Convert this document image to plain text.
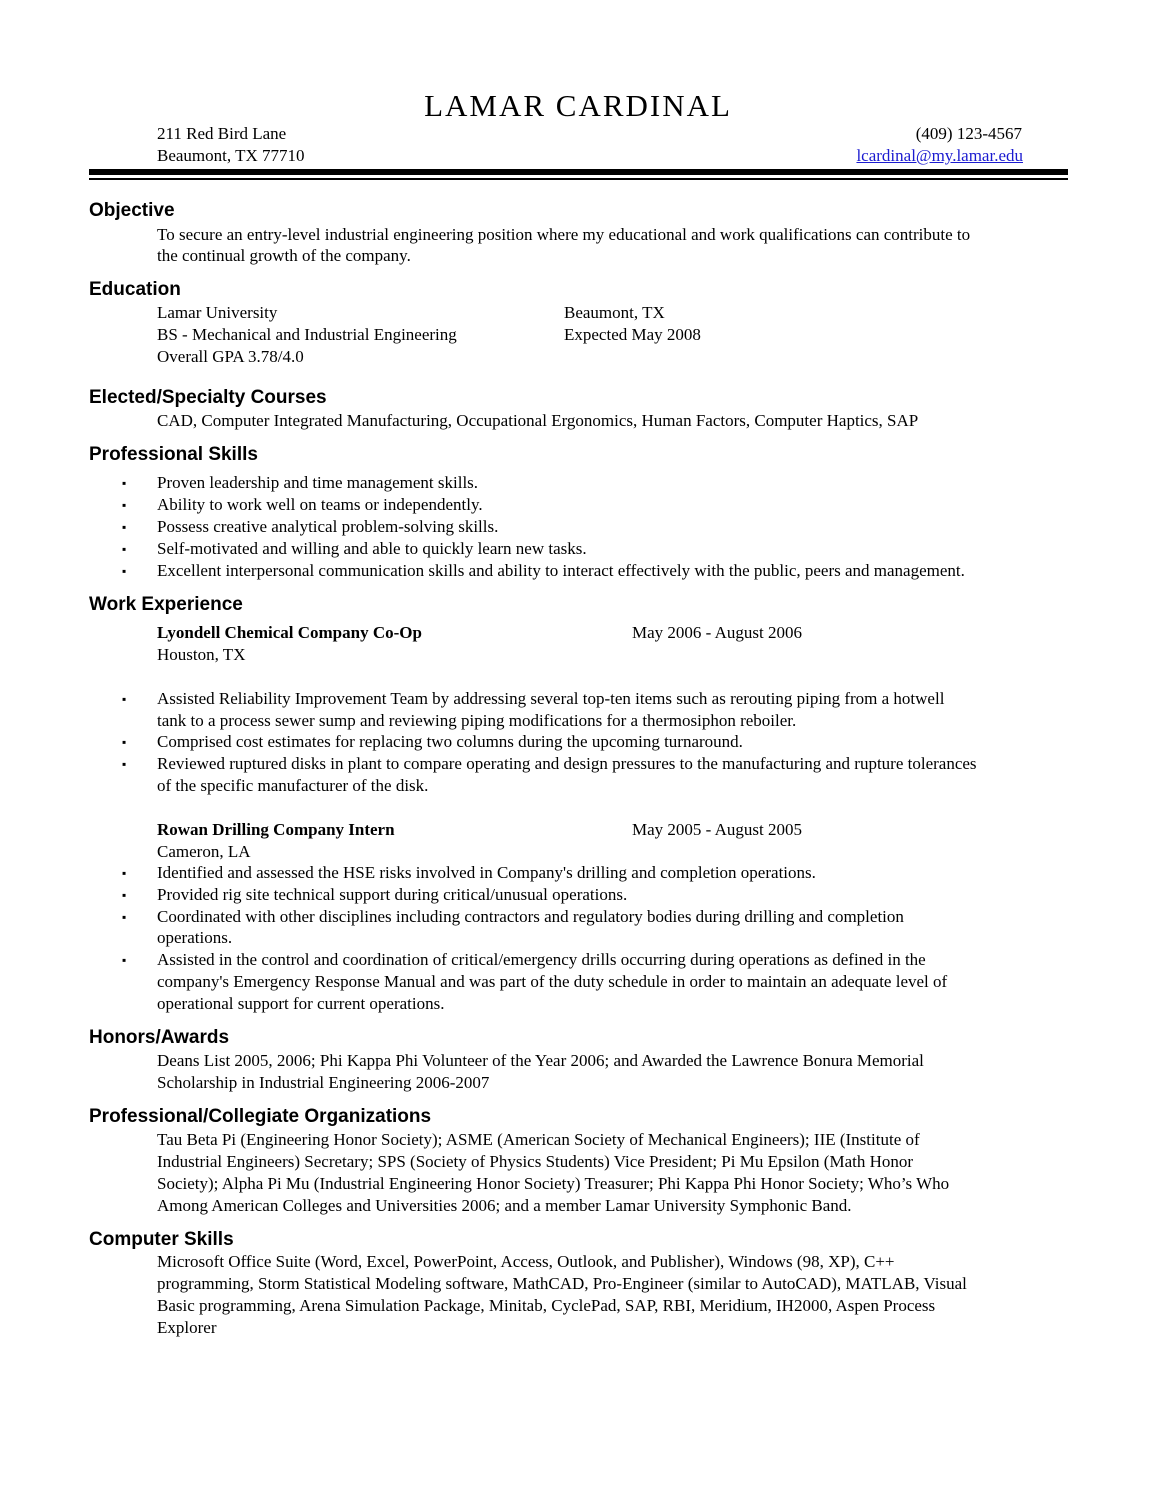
LAMAR CARDINAL
211 Red Bird Lane
Beaumont, TX 77710
(409) 123-4567
lcardinal@my.lamar.edu
Objective
To secure an entry-level industrial engineering position where my educational and work qualifications can contribute to
the continual growth of the company.
Education
Lamar University	Beaumont, TX
BS - Mechanical and Industrial Engineering	Expected May 2008
Overall GPA 3.78/4.0
Elected/Specialty Courses
CAD, Computer Integrated Manufacturing, Occupational Ergonomics, Human Factors, Computer Haptics, SAP
Professional Skills
Work Experience
Lyondell Chemical Company Co-Op	May 2006 - August 2006
Houston, TX
Rowan Drilling Company Intern	May 2005 - August 2005
Cameron, LA
Honors/Awards
Professional/Collegiate Organizations
Computer Skills
Proven leadership and time management skills.
▪
Ability to work well on teams or independently.
▪
Possess creative analytical problem-solving skills.
▪
Self-motivated and willing and able to quickly learn new tasks.
▪
Excellent interpersonal communication skills and ability to interact effectively with the public, peers and management.
▪
Assisted Reliability Improvement Team by addressing several top-ten items such as rerouting piping from a hotwell
▪
tank to a process sewer sump and reviewing piping modifications for a thermosiphon reboiler.
Comprised cost estimates for replacing two columns during the upcoming turnaround.
▪
Reviewed ruptured disks in plant to compare operating and design pressures to the manufacturing and rupture tolerances
▪
of the specific manufacturer of the disk.
Identified and assessed the HSE risks involved in Company's drilling and completion operations.
▪
Provided rig site technical support during critical/unusual operations.
▪
Coordinated with other disciplines including contractors and regulatory bodies during drilling and completion
▪
operations.
Assisted in the control and coordination of critical/emergency drills occurring during operations as defined in the
▪
company's Emergency Response Manual and was part of the duty schedule in order to maintain an adequate level of
operational support for current operations.
Deans List 2005, 2006; Phi Kappa Phi Volunteer of the Year 2006; and Awarded the Lawrence Bonura Memorial
Scholarship in Industrial Engineering 2006-2007
Tau Beta Pi (Engineering Honor Society); ASME (American Society of Mechanical Engineers); IIE (Institute of
Industrial Engineers) Secretary; SPS (Society of Physics Students) Vice President; Pi Mu Epsilon (Math Honor
Society); Alpha Pi Mu (Industrial Engineering Honor Society) Treasurer; Phi Kappa Phi Honor Society; Who’s Who
Among American Colleges and Universities 2006; and a member Lamar University Symphonic Band.
Microsoft Office Suite (Word, Excel, PowerPoint, Access, Outlook, and Publisher), Windows (98, XP), C++
programming, Storm Statistical Modeling software, MathCAD, Pro-Engineer (similar to AutoCAD), MATLAB, Visual
Basic programming, Arena Simulation Package, Minitab, CyclePad, SAP, RBI, Meridium, IH2000, Aspen Process
Explorer
